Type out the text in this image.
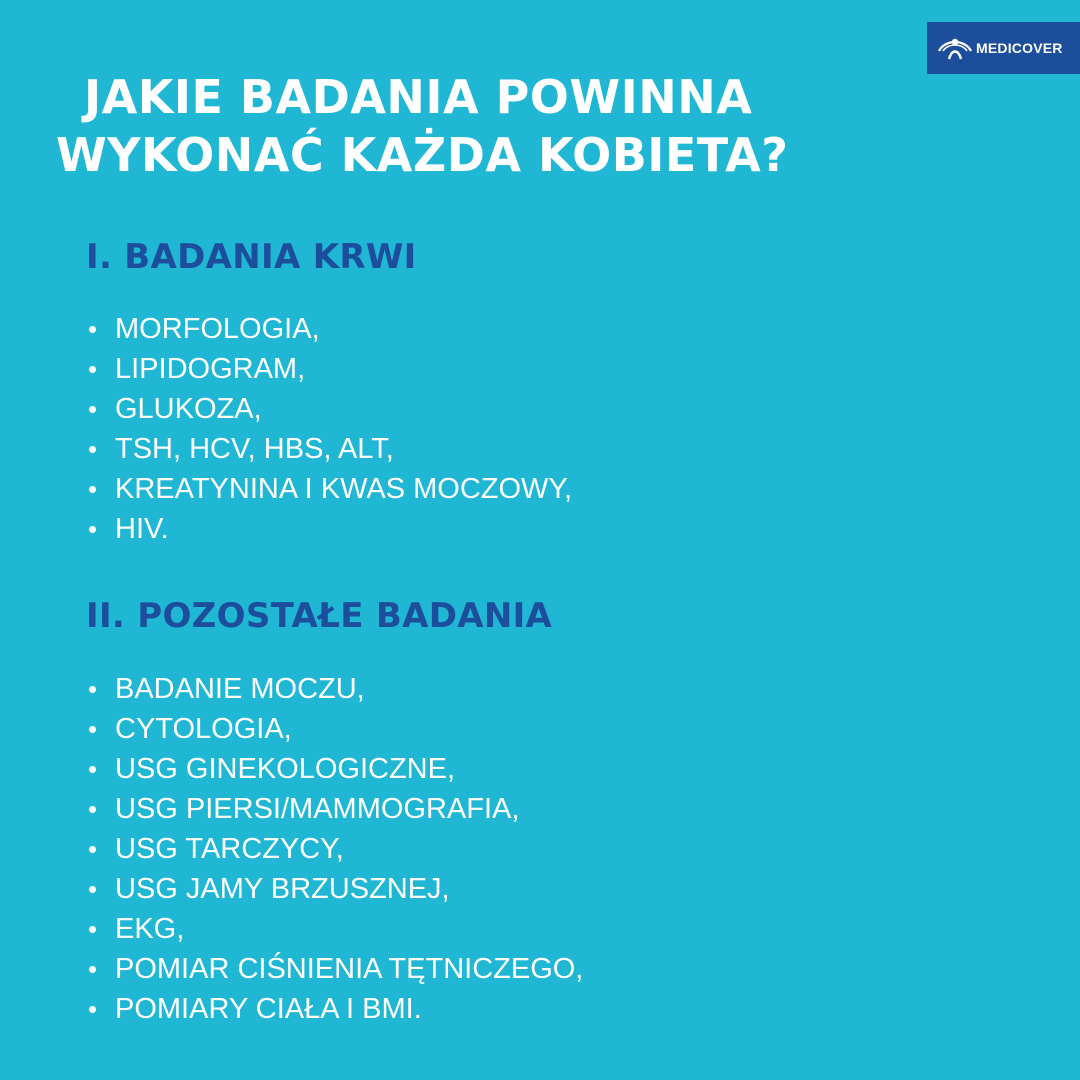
MEDICOVER
JAKIE BADANIA POWINNA
WYKONAĆ KAŻDA KOBIETA?
I. BADANIA KRWI
• MORFOLOGIA,
• LIPIDOGRAM,
• GLUKOZA,
• TSH, HCV, HBS, ALT,
• KREATYNINA I KWAS MOCZOWY,
• HIV.
II. POZOSTAŁE BADANIA
• BADANIE MOCZU,
• CYTOLOGIA,
• USG GINEKOLOGICZNE,
• USG PIERSI/MAMMOGRAFIA,
• USG TARCZYCY,
• USG JAMY BRZUSZNEJ,
• EKG,
• POMIAR CIŚNIENIA TĘTNICZEGO,
• POMIARY CIAŁA I BMI.
